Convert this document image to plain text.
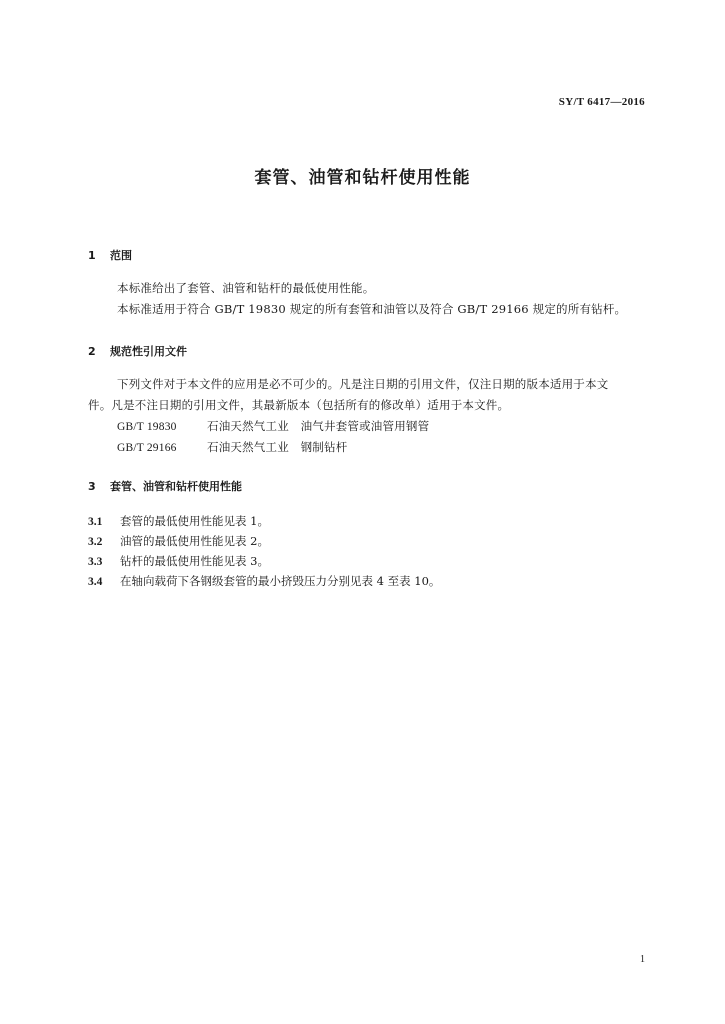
SY/T 6417—2016
套管、油管和钻杆使用性能
1 范围
本标准给出了套管、油管和钻杆的最低使用性能。
本标准适用于符合 GB/T 19830 规定的所有套管和油管以及符合 GB/T 29166 规定的所有钻杆。
2 规范性引用文件
下列文件对于本文件的应用是必不可少的。凡是注日期的引用文件，仅注日期的版本适用于本文
件。凡是不注日期的引用文件，其最新版本（包括所有的修改单）适用于本文件。
GB/T 19830	石油天然气工业　油气井套管或油管用钢管
GB/T 29166	石油天然气工业　钢制钻杆
3 套管、油管和钻杆使用性能
3.1 套管的最低使用性能见表 1。
3.2 油管的最低使用性能见表 2。
3.3 钻杆的最低使用性能见表 3。
3.4 在轴向载荷下各钢级套管的最小挤毁压力分别见表 4 至表 10。
1
